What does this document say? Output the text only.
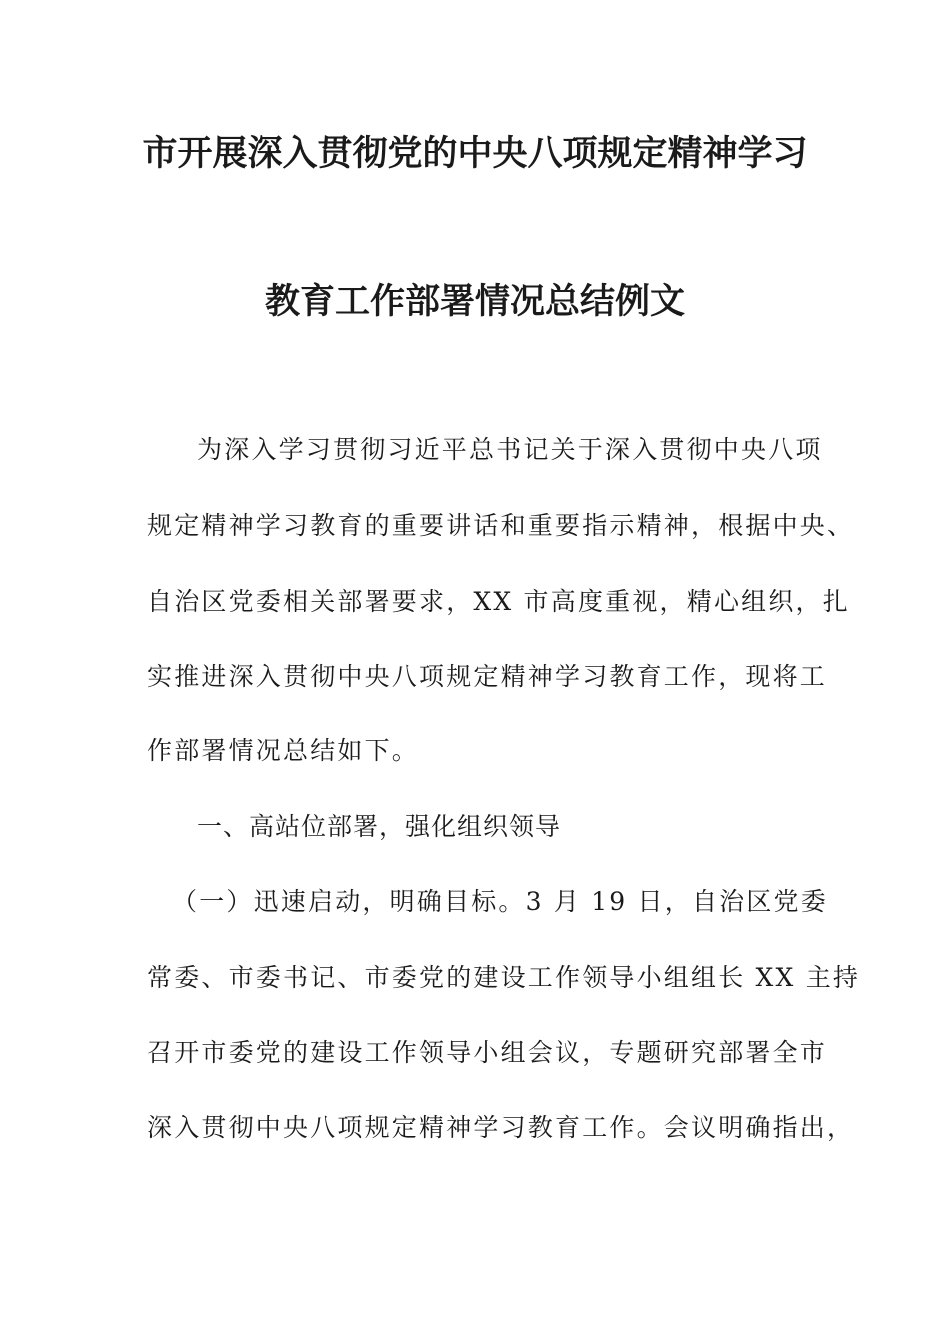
市开展深入贯彻党的中央八项规定精神学习
教育工作部署情况总结例文
为深入学习贯彻习近平总书记关于深入贯彻中央八项
规定精神学习教育的重要讲话和重要指示精神，根据中央、
自治区党委相关部署要求，XX 市高度重视，精心组织，扎
实推进深入贯彻中央八项规定精神学习教育工作，现将工
作部署情况总结如下。
一、高站位部署，强化组织领导
（一）迅速启动，明确目标。3 月 19 日，自治区党委
常委、市委书记、市委党的建设工作领导小组组长 XX 主持
召开市委党的建设工作领导小组会议，专题研究部署全市
深入贯彻中央八项规定精神学习教育工作。会议明确指出，
